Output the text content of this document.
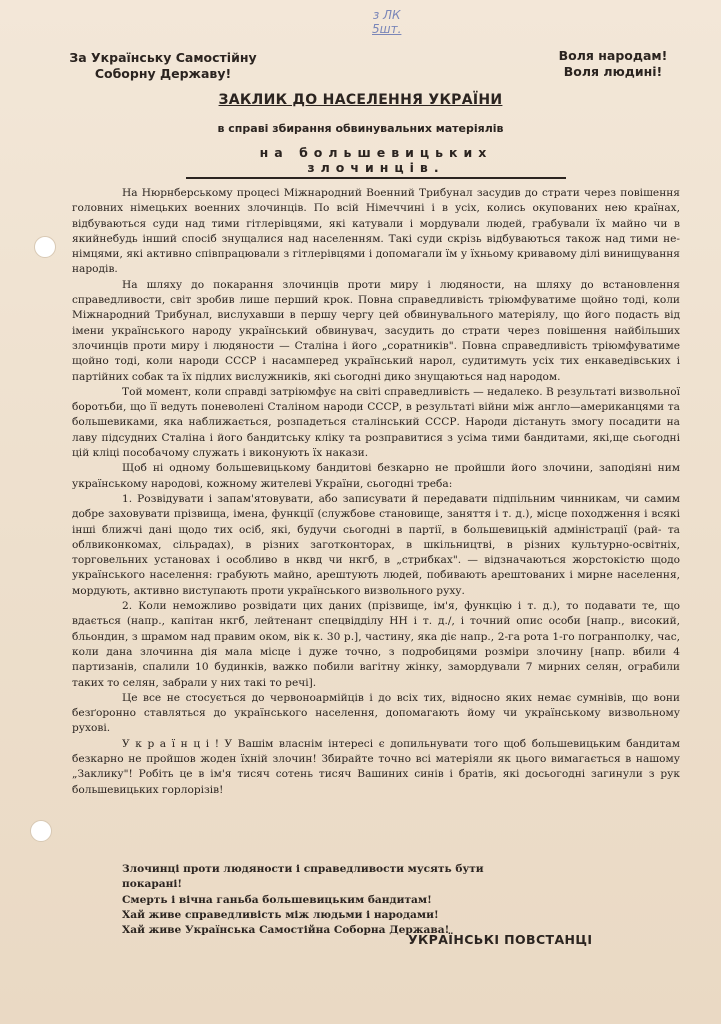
з ЛК
5шт.
За Українську Самостійну
Соборну Державу!
Воля народам!
Воля людині!
ЗАКЛИК ДО НАСЕЛЕННЯ УКРАЇНИ
в справі збирання обвинувальних матеріялів
на большевицьких злочинців.

На Нюрнберському процесі Міжнародний Военний Трибунал засудив до страти через повішення головних німецьких военних злочинців. По всій Німеччині і в усіх, колись окупованих нею країнах, відбуваються суди над тими гітлерівцями, які катували і мордували людей, грабували їх майно чи в якийнебудь інший спосіб знущалися над населенням. Такі суди скрізь відбуваються також над тими не-німцями, які активно співпрацювали з гітлерівцями і допомагали їм у їхньому кривавому ділі винищування народів.

На шляху до покарання злочинців проти миру і людяности, на шляху до встановлення справедливости, світ зробив лише перший крок. Повна справедливість тріюмфуватиме щойно тоді, коли Міжнародний Трибунал, вислухавши в першу чергу цей обвинувального матеріялу, що його подасть від імени українського народу український обвинувач, засудить до страти через повішення найбільших злочинців проти миру і людяности — Сталіна і його „соратників". Повна справедливість тріюмфуватиме щойно тоді, коли народи СССР і насамперед український нарол, судитимуть усіх тих енкаведівських і партійних собак та їх підлих вислужників, які сьогодні дико знущаються над народом.

Той момент, коли справді затріюмфує на світі справедливість — недалеко. В результаті визвольної боротьби, що її ведуть поневолені Сталіном народи СССР, в результаті війни між англо—американцями та большевиками, яка наближається, розпадеться сталінський СССР. Народи дістануть змогу посадити на лаву підсудних Сталіна і його бандитську кліку та розправитися з усіма тими бандитами, які,ще сьогодні цій кліці пособачому служать і виконують їх накази.

Щоб ні одному большевицькому бандитові безкарно не пройшли його злочини, заподіяні ним українському народові, кожному жителеві України, сьогодні треба:

1. Розвідувати і запам'ятовувати, або записувати й передавати підпільним чинникам, чи самим добре заховувати прізвища, імена, функції (службове становище, заняття і т. д.), місце походження і всякі інші ближчі дані щодо тих осіб, які, будучи сьогодні в партії, в большевицькій адміністрації (рай- та облвиконкомах, сільрадах), в різних заготконторах, в шкільництві, в різних культурно-освітніх, торговельних установах і особливо в нквд чи нкгб, в „стрибках". — відзначаються жорстокістю щодо українського населення: грабують майно, арештують людей, побивають арештованих і мирне населення, мордують, активно виступають проти українського визвольного руху.

2. Коли неможливо розвідати цих даних (прізвище, ім'я, функцію і т. д.), то подавати те, що вдається (напр., капітан нкгб, лейтенант спецвідділу НН і т. д./, і точний опис особи [напр., високий, бльондин, з шрамом над правим оком, вік к. 30 р.], частину, яка діє напр., 2-га рота 1-го погранполку, час, коли дана злочинна дія мала місце і дуже точно, з подробицями розміри злочину [напр. вбили 4 партизанів, спалили 10 будинків, важко побили вагітну жінку, замордували 7 мирних селян, ограбили таких то селян, забрали у них такі то речі].

Це все не стосується до червоноармійців і до всіх тих, відносно яких немає сумнівів, що вони безґоронно ставляться до українського населення, допомагають йому чи українському визвольному рухові.

У к р а ї н ц і ! У Вашім власнім інтересі є допильнувати того щоб большевицьким бандитам безкарно не пройшов жоден їхній злочин! Збирайте точно всі матеріяли як цього вимагається в нашому „Заклику"! Робіть це в ім'я тисяч сотень тисяч Вашиних синів і братів, які досьогодні загинули з рук большевицьких горлорізів!

Злочинці проти людяности і справедливости мусять бути покарані!
Смерть і вічна ганьба большевицьким бандитам!
Хай живе справедливість між людьми і народами!
Хай живе Українська Самостійна Соборна Держава!
УКРАЇНСЬКІ ПОВСТАНЦІ
